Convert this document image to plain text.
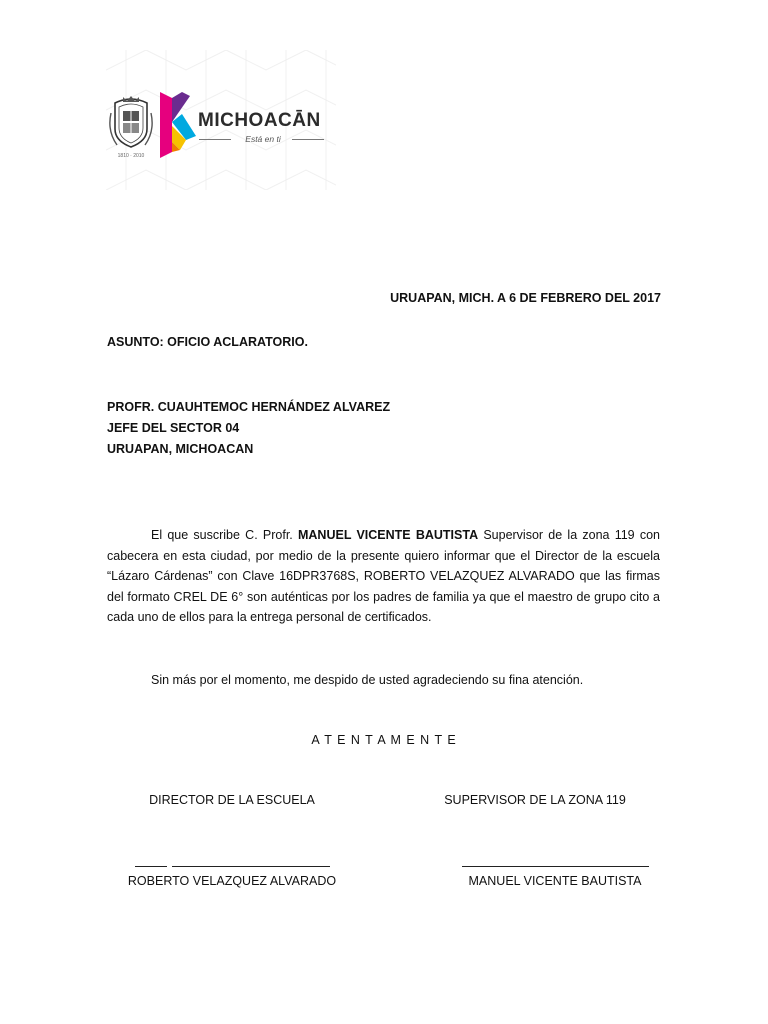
1810 · 2010
MICHOACĀN
Está en ti
URUAPAN, MICH. A 6 DE FEBRERO DEL 2017
ASUNTO: OFICIO ACLARATORIO.
PROFR. CUAUHTEMOC HERNÁNDEZ ALVAREZ
JEFE DEL SECTOR 04
URUAPAN, MICHOACAN
El que suscribe C. Profr. MANUEL VICENTE BAUTISTA Supervisor de la zona 119 con cabecera en esta ciudad, por medio de la presente quiero informar que el Director de la escuela “Lázaro Cárdenas” con Clave 16DPR3768S, ROBERTO VELAZQUEZ ALVARADO que las firmas del formato CREL DE 6° son auténticas por los padres de familia ya que el maestro de grupo cito a cada uno de ellos para la entrega personal de certificados.
Sin más por el momento, me despido de usted agradeciendo su fina atención.
A T E N T A M E N T E
DIRECTOR DE LA ESCUELA	SUPERVISOR DE LA ZONA 119
ROBERTO VELAZQUEZ ALVARADO	MANUEL VICENTE BAUTISTA
